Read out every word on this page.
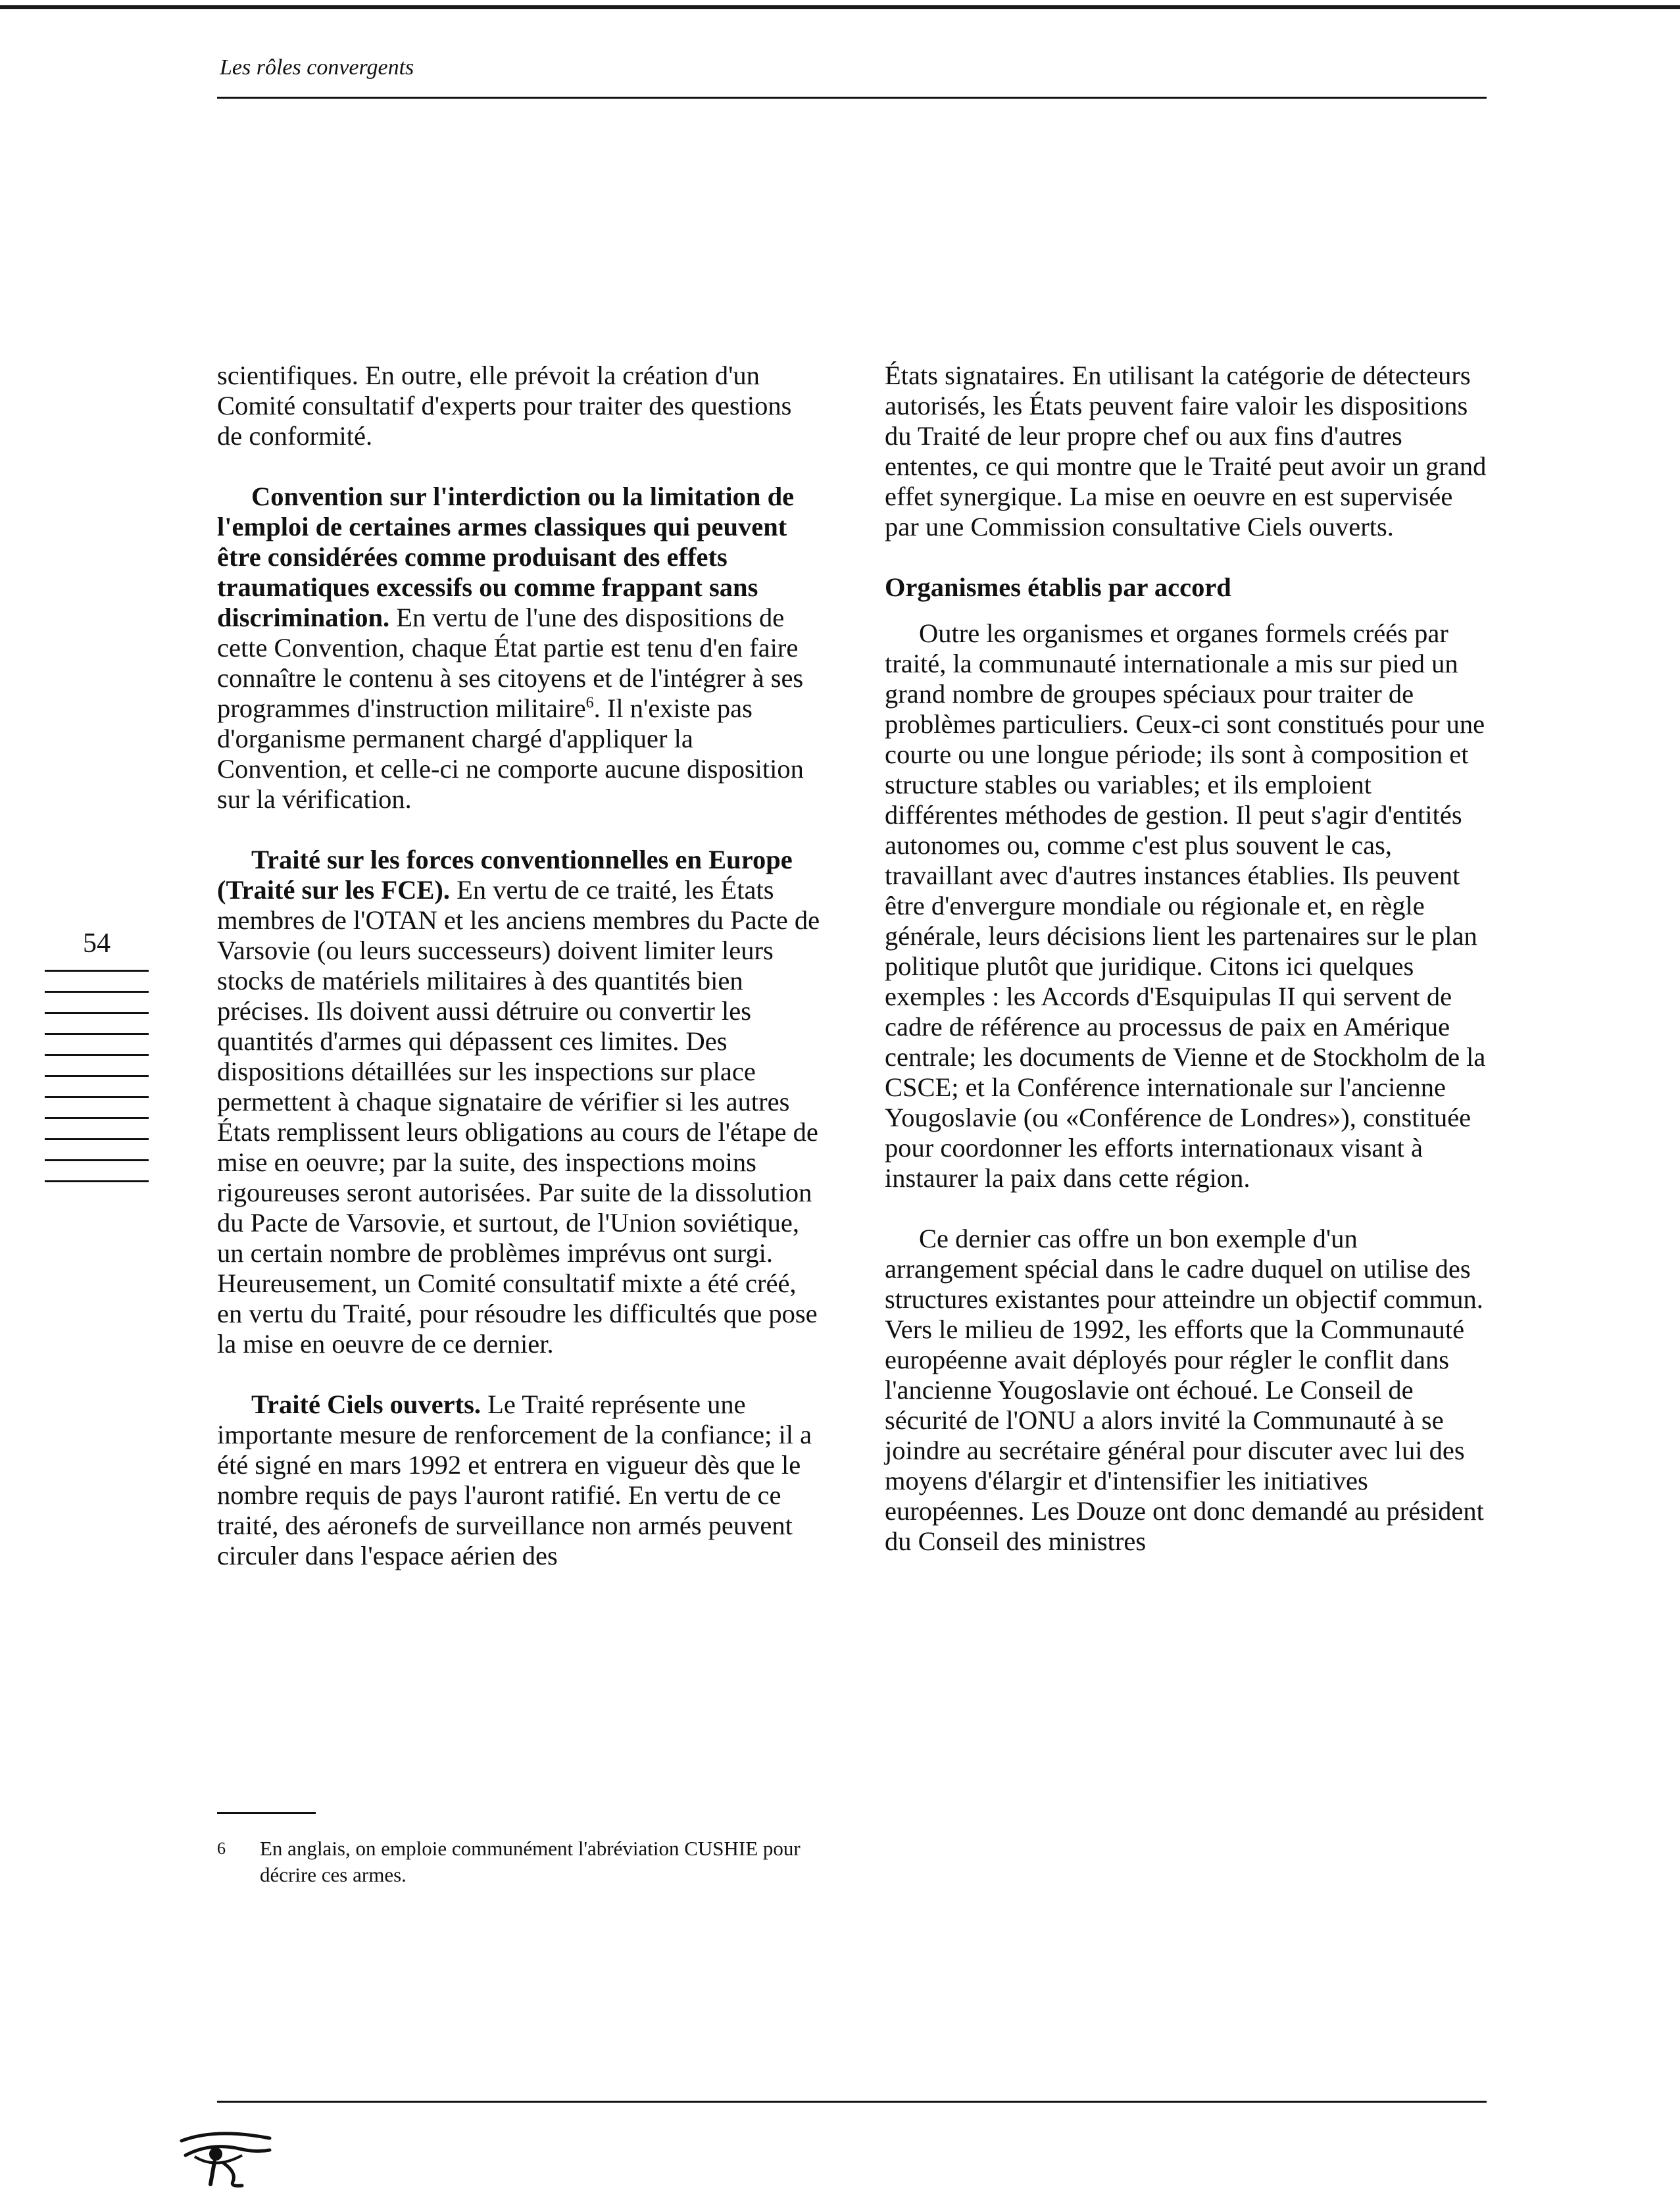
Les rôles convergents

scientifiques. En outre, elle prévoit la création d'un Comité consultatif d'experts pour traiter des questions de conformité.

Convention sur l'interdiction ou la limitation de l'emploi de certaines armes classiques qui peuvent être considérées comme produisant des effets traumatiques excessifs ou comme frappant sans discrimination. En vertu de l'une des dispositions de cette Convention, chaque État partie est tenu d'en faire connaître le contenu à ses citoyens et de l'intégrer à ses programmes d'instruction militaire$^6$. Il n'existe pas d'organisme permanent chargé d'appliquer la Convention, et celle-ci ne comporte aucune disposition sur la vérification.

Traité sur les forces conventionnelles en Europe (Traité sur les FCE). En vertu de ce traité, les États membres de l'OTAN et les anciens membres du Pacte de Varsovie (ou leurs successeurs) doivent limiter leurs stocks de matériels militaires à des quantités bien précises. Ils doivent aussi détruire ou convertir les quantités d'armes qui dépassent ces limites. Des dispositions détaillées sur les inspections sur place permettent à chaque signataire de vérifier si les autres États remplissent leurs obligations au cours de l'étape de mise en oeuvre; par la suite, des inspections moins rigoureuses seront autorisées. Par suite de la dissolution du Pacte de Varsovie, et surtout, de l'Union soviétique, un certain nombre de problèmes imprévus ont surgi. Heureusement, un Comité consultatif mixte a été créé, en vertu du Traité, pour résoudre les difficultés que pose la mise en oeuvre de ce dernier.

Traité Ciels ouverts. Le Traité représente une importante mesure de renforcement de la confiance; il a été signé en mars 1992 et entrera en vigueur dès que le nombre requis de pays l'auront ratifié. En vertu de ce traité, des aéronefs de surveillance non armés peuvent circuler dans l'espace aérien des

États signataires. En utilisant la catégorie de détecteurs autorisés, les États peuvent faire valoir les dispositions du Traité de leur propre chef ou aux fins d'autres ententes, ce qui montre que le Traité peut avoir un grand effet synergique. La mise en oeuvre en est supervisée par une Commission consultative Ciels ouverts.

Organismes établis par accord

Outre les organismes et organes formels créés par traité, la communauté internationale a mis sur pied un grand nombre de groupes spéciaux pour traiter de problèmes particuliers. Ceux-ci sont constitués pour une courte ou une longue période; ils sont à composition et structure stables ou variables; et ils emploient différentes méthodes de gestion. Il peut s'agir d'entités autonomes ou, comme c'est plus souvent le cas, travaillant avec d'autres instances établies. Ils peuvent être d'envergure mondiale ou régionale et, en règle générale, leurs décisions lient les partenaires sur le plan politique plutôt que juridique. Citons ici quelques exemples : les Accords d'Esquipulas II qui servent de cadre de référence au processus de paix en Amérique centrale; les documents de Vienne et de Stockholm de la CSCE; et la Conférence internationale sur l'ancienne Yougoslavie (ou «Conférence de Londres»), constituée pour coordonner les efforts internationaux visant à instaurer la paix dans cette région.

Ce dernier cas offre un bon exemple d'un arrangement spécial dans le cadre duquel on utilise des structures existantes pour atteindre un objectif commun. Vers le milieu de 1992, les efforts que la Communauté européenne avait déployés pour régler le conflit dans l'ancienne Yougoslavie ont échoué. Le Conseil de sécurité de l'ONU a alors invité la Communauté à se joindre au secrétaire général pour discuter avec lui des moyens d'élargir et d'intensifier les initiatives européennes. Les Douze ont donc demandé au président du Conseil des ministres

54
6	En anglais, on emploie communément l'abréviation CUSHIE pour décrire ces armes.
